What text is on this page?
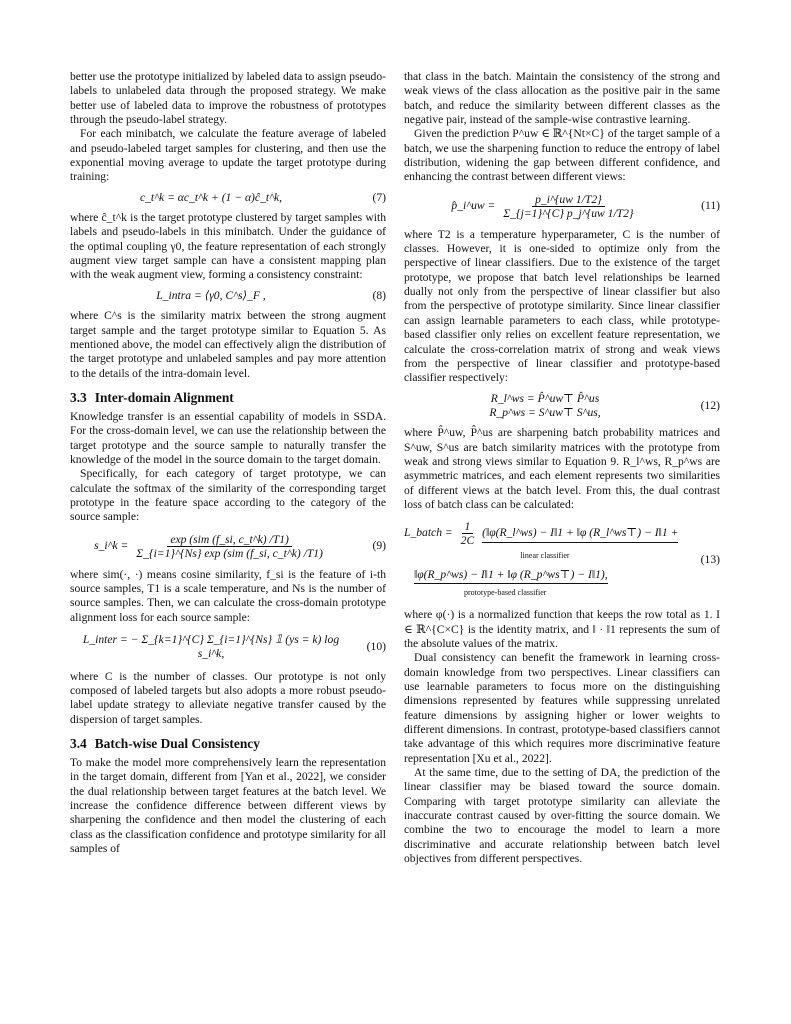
better use the prototype initialized by labeled data to assign pseudo-labels to unlabeled data through the proposed strategy. We make better use of labeled data to improve the robustness of prototypes through the pseudo-label strategy.

For each minibatch, we calculate the feature average of labeled and pseudo-labeled target samples for clustering, and then use the exponential moving average to update the target prototype during training:

c_t^k = αc_t^k + (1 − α)ĉ_t^k,	(7)

where ĉ_t^k is the target prototype clustered by target samples with labels and pseudo-labels in this minibatch. Under the guidance of the optimal coupling γ0, the feature representation of each strongly augment view target sample can have a consistent mapping plan with the weak augment view, forming a consistency constraint:

L_intra = ⟨γ0, C^s⟩_F ,	(8)

where C^s is the similarity matrix between the strong augment target sample and the target prototype similar to Equation 5. As mentioned above, the model can effectively align the distribution of the target prototype and unlabeled samples and pay more attention to the details of the intra-domain level.

3.3 Inter-domain Alignment

Knowledge transfer is an essential capability of models in SSDA. For the cross-domain level, we can use the relationship between the target prototype and the source sample to naturally transfer the knowledge of the model in the source domain to the target domain.

Specifically, for each category of target prototype, we can calculate the softmax of the similarity of the corresponding target prototype in the feature space according to the category of the source sample:

s_i^k = $\frac{\text{exp (sim (f\_si, c\_t\textasciicircum{}k) /T1)}}{\text{Σ\_\{i=1\}\textasciicircum{}\{Ns\} exp (sim (f\_si, c\_t\textasciicircum{}k) /T1)}}$	(9)

where sim(·, ·) means cosine similarity, f_si is the feature of i-th source samples, T1 is a scale temperature, and Ns is the number of source samples. Then, we can calculate the cross-domain prototype alignment loss for each source sample:

L_inter = − Σ_{k=1}^{C} Σ_{i=1}^{Ns} 𝟙 (ys = k) log s_i^k,
(10)

where C is the number of classes. Our prototype is not only composed of labeled targets but also adopts a more robust pseudo-label update strategy to alleviate negative transfer caused by the dispersion of target samples.

3.4 Batch-wise Dual Consistency

To make the model more comprehensively learn the representation in the target domain, different from [Yan et al., 2022], we consider the dual relationship between target features at the batch level. We increase the confidence difference between different views by sharpening the confidence and then model the clustering of each class as the classification confidence and prototype similarity for all samples of

that class in the batch. Maintain the consistency of the strong and weak views of the class allocation as the positive pair in the same batch, and reduce the similarity between different classes as the negative pair, instead of the sample-wise contrastive learning.

Given the prediction P^uw ∈ ℝ^{Nt×C} of the target sample of a batch, we use the sharpening function to reduce the entropy of label distribution, widening the gap between different confidence, and enhancing the contrast between different views:

p̂_i^uw = $\frac{p\_i\^{}\{uw 1/T2\}}{\Sigma\_\{j=1\}\^{}\{C\} p\_j\^{}\{uw 1/T2\}}$	(11)

where T2 is a temperature hyperparameter, C is the number of classes. However, it is one-sided to optimize only from the perspective of linear classifiers. Due to the existence of the target prototype, we propose that batch level relationships be learned dually not only from the perspective of linear classifier but also from the perspective of prototype similarity. Since linear classifier can assign learnable parameters to each class, while prototype-based classifier only relies on excellent feature representation, we calculate the cross-correlation matrix of strong and weak views from the perspective of linear classifier and prototype-based classifier respectively:

R_l^ws = P̂^uw⊤ P̂^us
R_p^ws = S^uw⊤ S^us,
(12)

where P̂^uw, P̂^us are sharpening batch probability matrices and S^uw, S^us are batch similarity matrices with the prototype from weak and strong views similar to Equation 9. R_l^ws, R_p^ws are asymmetric matrices, and each element represents two similarities of different views at the batch level. From this, the dual contrast loss of batch class can be calculated:

L_batch = $\frac{1}{2C}$ (‖φ(R_l^ws) − I‖1 + ‖φ (R_l^ws⊤) − I‖1 +
linear classifier
‖φ(R_p^ws) − I‖1 + ‖φ (R_p^ws⊤) − I‖1),
prototype-based classifier
(13)

where φ(·) is a normalized function that keeps the row total as 1. I ∈ ℝ^{C×C} is the identity matrix, and ‖ · ‖1 represents the sum of the absolute values of the matrix.

Dual consistency can benefit the framework in learning cross-domain knowledge from two perspectives. Linear classifiers can use learnable parameters to focus more on the distinguishing dimensions represented by features while suppressing unrelated feature dimensions by assigning higher or lower weights to different dimensions. In contrast, prototype-based classifiers cannot take advantage of this which requires more discriminative feature representation [Xu et al., 2022].

At the same time, due to the setting of DA, the prediction of the linear classifier may be biased toward the source domain. Comparing with target prototype similarity can alleviate the inaccurate contrast caused by over-fitting the source domain. We combine the two to encourage the model to learn a more discriminative and accurate relationship between batch level objectives from different perspectives.
